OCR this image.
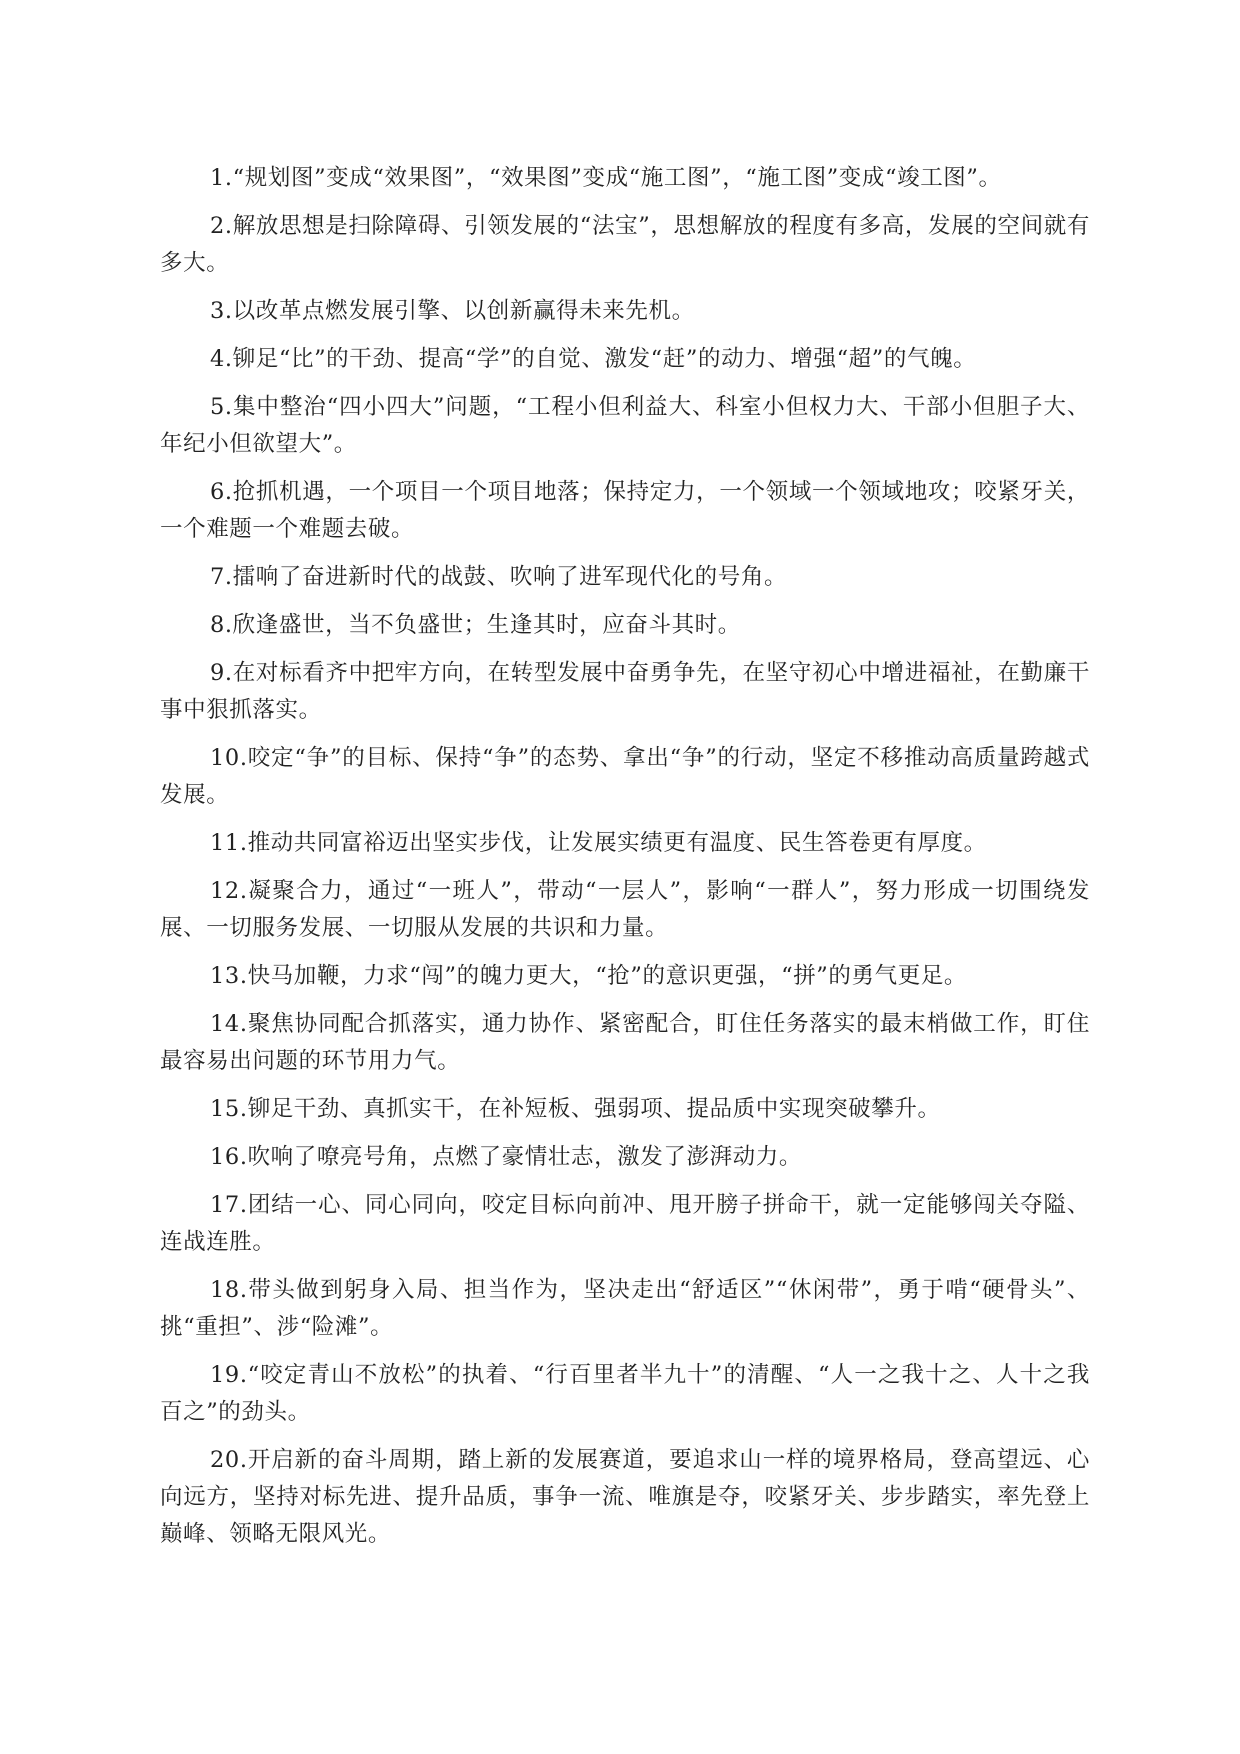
1.“规划图”变成“效果图”，“效果图”变成“施工图”，“施工图”变成“竣工图”。

2.解放思想是扫除障碍、引领发展的“法宝”，思想解放的程度有多高，发展的空间就有多大。

3.以改革点燃发展引擎、以创新赢得未来先机。

4.铆足“比”的干劲、提高“学”的自觉、激发“赶”的动力、增强“超”的气魄。

5.集中整治“四小四大”问题，“工程小但利益大、科室小但权力大、干部小但胆子大、年纪小但欲望大”。

6.抢抓机遇，一个项目一个项目地落；保持定力，一个领域一个领域地攻；咬紧牙关，一个难题一个难题去破。

7.擂响了奋进新时代的战鼓、吹响了进军现代化的号角。

8.欣逢盛世，当不负盛世；生逢其时，应奋斗其时。

9.在对标看齐中把牢方向，在转型发展中奋勇争先，在坚守初心中增进福祉，在勤廉干事中狠抓落实。

10.咬定“争”的目标、保持“争”的态势、拿出“争”的行动，坚定不移推动高质量跨越式发展。

11.推动共同富裕迈出坚实步伐，让发展实绩更有温度、民生答卷更有厚度。

12.凝聚合力，通过“一班人”，带动“一层人”，影响“一群人”，努力形成一切围绕发展、一切服务发展、一切服从发展的共识和力量。

13.快马加鞭，力求“闯”的魄力更大，“抢”的意识更强，“拼”的勇气更足。

14.聚焦协同配合抓落实，通力协作、紧密配合，盯住任务落实的最末梢做工作，盯住最容易出问题的环节用力气。

15.铆足干劲、真抓实干，在补短板、强弱项、提品质中实现突破攀升。

16.吹响了嘹亮号角，点燃了豪情壮志，激发了澎湃动力。

17.团结一心、同心同向，咬定目标向前冲、甩开膀子拼命干，就一定能够闯关夺隘、连战连胜。

18.带头做到躬身入局、担当作为，坚决走出“舒适区”“休闲带”，勇于啃“硬骨头”、挑“重担”、涉“险滩”。

19.“咬定青山不放松”的执着、“行百里者半九十”的清醒、“人一之我十之、人十之我百之”的劲头。

20.开启新的奋斗周期，踏上新的发展赛道，要追求山一样的境界格局，登高望远、心向远方，坚持对标先进、提升品质，事争一流、唯旗是夺，咬紧牙关、步步踏实，率先登上巅峰、领略无限风光。
